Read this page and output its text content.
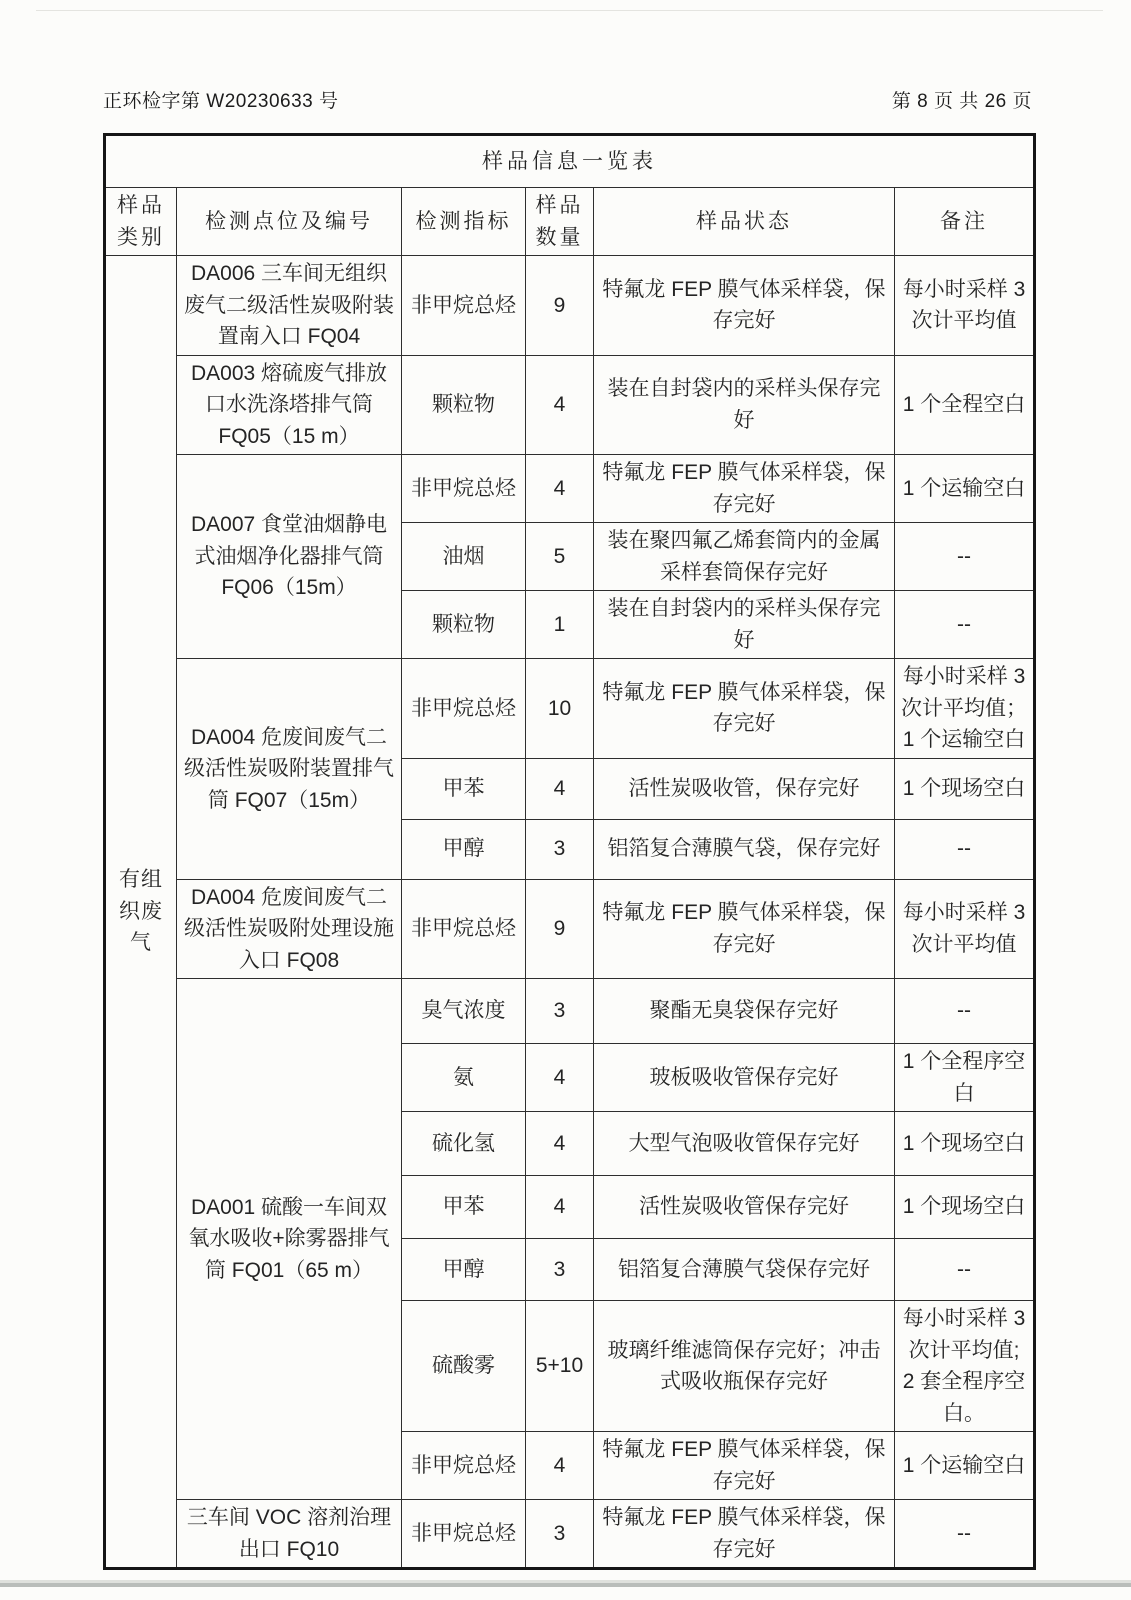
正环检字第 W20230633 号	第 8 页 共 26 页
样品信息一览表					
样品类别	检测点位及编号	检测指标	样品数量	样品状态	备注
有组织废气	DA006 三车间无组织废气二级活性炭吸附装置南入口 FQ04	非甲烷总烃	9	特氟龙 FEP 膜气体采样袋，保存完好	每小时采样 3 次计平均值
	DA003 熔硫废气排放口水洗涤塔排气筒 FQ05（15 m）	颗粒物	4	装在自封袋内的采样头保存完好	1 个全程空白
	DA007 食堂油烟静电式油烟净化器排气筒 FQ06（15m）	非甲烷总烃	4	特氟龙 FEP 膜气体采样袋，保存完好	1 个运输空白
		油烟	5	装在聚四氟乙烯套筒内的金属采样套筒保存完好	--
		颗粒物	1	装在自封袋内的采样头保存完好	--
	DA004 危废间废气二级活性炭吸附装置排气筒 FQ07（15m）	非甲烷总烃	10	特氟龙 FEP 膜气体采样袋，保存完好	每小时采样 3 次计平均值；1 个运输空白
		甲苯	4	活性炭吸收管，保存完好	1 个现场空白
		甲醇	3	铝箔复合薄膜气袋，保存完好	--
	DA004 危废间废气二级活性炭吸附处理设施入口 FQ08	非甲烷总烃	9	特氟龙 FEP 膜气体采样袋，保存完好	每小时采样 3 次计平均值
	DA001 硫酸一车间双氧水吸收+除雾器排气筒 FQ01（65 m）	臭气浓度	3	聚酯无臭袋保存完好	--
		氨	4	玻板吸收管保存完好	1 个全程序空白
		硫化氢	4	大型气泡吸收管保存完好	1 个现场空白
		甲苯	4	活性炭吸收管保存完好	1 个现场空白
		甲醇	3	铝箔复合薄膜气袋保存完好	--
		硫酸雾	5+10	玻璃纤维滤筒保存完好；冲击式吸收瓶保存完好	每小时采样 3 次计平均值; 2 套全程序空白。
		非甲烷总烃	4	特氟龙 FEP 膜气体采样袋，保存完好	1 个运输空白
	三车间 VOC 溶剂治理出口 FQ10	非甲烷总烃	3	特氟龙 FEP 膜气体采样袋，保存完好	--
